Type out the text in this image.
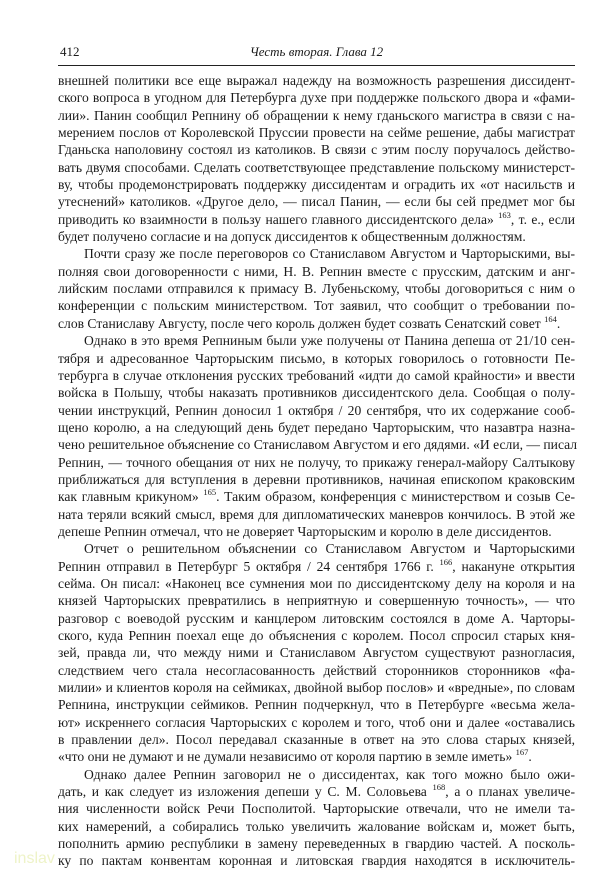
412	Честь вторая. Глава 12
внешней политики все еще выражал надежду на возможность разрешения диссидент-
ского вопроса в угодном для Петербурга духе при поддержке польского двора и «фами-
лии». Панин сообщил Репнину об обращении к нему гданьского магистра в связи с на-
мерением послов от Королевской Пруссии провести на сейме решение, дабы магистрат
Гданьска наполовину состоял из католиков. В связи с этим послу поручалось действо-
вать двумя способами. Сделать соответствующее представление польскому министерст-
ву, чтобы продемонстрировать поддержку диссидентам и оградить их «от насильств и
утеснений» католиков. «Другое дело, — писал Панин, — если бы сей предмет мог бы
приводить ко взаимности в пользу нашего главного диссидентского дела» $^{163}$, т. е., если
будет получено согласие и на допуск диссидентов к общественным должностям.
Почти сразу же после переговоров со Станиславом Августом и Чарторыскими, вы-
полняя свои договоренности с ними, Н. В. Репнин вместе с прусским, датским и анг-
лийским послами отправился к примасу В. Лубеньскому, чтобы договориться с ним о
конференции с польским министерством. Тот заявил, что сообщит о требовании по-
слов Станиславу Августу, после чего король должен будет созвать Сенатский совет $^{164}$.
Однако в это время Репниным были уже получены от Панина депеша от 21/10 сен-
тября и адресованное Чарторыским письмо, в которых говорилось о готовности Пе-
тербурга в случае отклонения русских требований «идти до самой крайности» и ввести
войска в Польшу, чтобы наказать противников диссидентского дела. Сообщая о полу-
чении инструкций, Репнин доносил 1 октября / 20 сентября, что их содержание сооб-
щено королю, а на следующий день будет передано Чарторыским, что назавтра назна-
чено решительное объяснение со Станиславом Августом и его дядями. «И если, — писал
Репнин, — точного обещания от них не получу, то прикажу генерал-майору Салтыкову
приближаться для вступления в деревни противников, начиная епископом краковским
как главным крикуном» $^{165}$. Таким образом, конференция с министерством и созыв Се-
ната теряли всякий смысл, время для дипломатических маневров кончилось. В этой же
депеше Репнин отмечал, что не доверяет Чарторыским и королю в деле диссидентов.
Отчет о решительном объяснении со Станиславом Августом и Чарторыскими
Репнин отправил в Петербург 5 октября / 24 сентября 1766 г. $^{166}$, накануне открытия
сейма. Он писал: «Наконец все сумнения мои по диссидентскому делу на короля и на
князей Чарторыских превратились в неприятную и совершенную точность», — что
разговор с воеводой русским и канцлером литовским состоялся в доме А. Чарторы-
ского, куда Репнин поехал еще до объяснения с королем. Посол спросил старых кня-
зей, правда ли, что между ними и Станиславом Августом существуют разногласия,
следствием чего стала несогласованность действий сторонников сторонников «фа-
милии» и клиентов короля на сеймиках, двойной выбор послов» и «вредные», по словам
Репнина, инструкции сеймиков. Репнин подчеркнул, что в Петербурге «весьма жела-
ют» искреннего согласия Чарторыских с королем и того, чтоб они и далее «оставались
в правлении дел». Посол передавал сказанные в ответ на это слова старых князей,
«что они не думают и не думали независимо от короля партию в земле иметь» $^{167}$.
Однако далее Репнин заговорил не о диссидентах, как того можно было ожи-
дать, и как следует из изложения депеши у С. М. Соловьева $^{168}$, а о планах увеличе-
ния численности войск Речи Посполитой. Чарторыские отвечали, что не имели та-
ких намерений, а собирались только увеличить жалование войскам и, может быть,
пополнить армию республики в замену переведенных в гвардию частей. А посколь-
ку по пактам конвентам коронная и литовская гвардия находятся в исключитель-
inslav
